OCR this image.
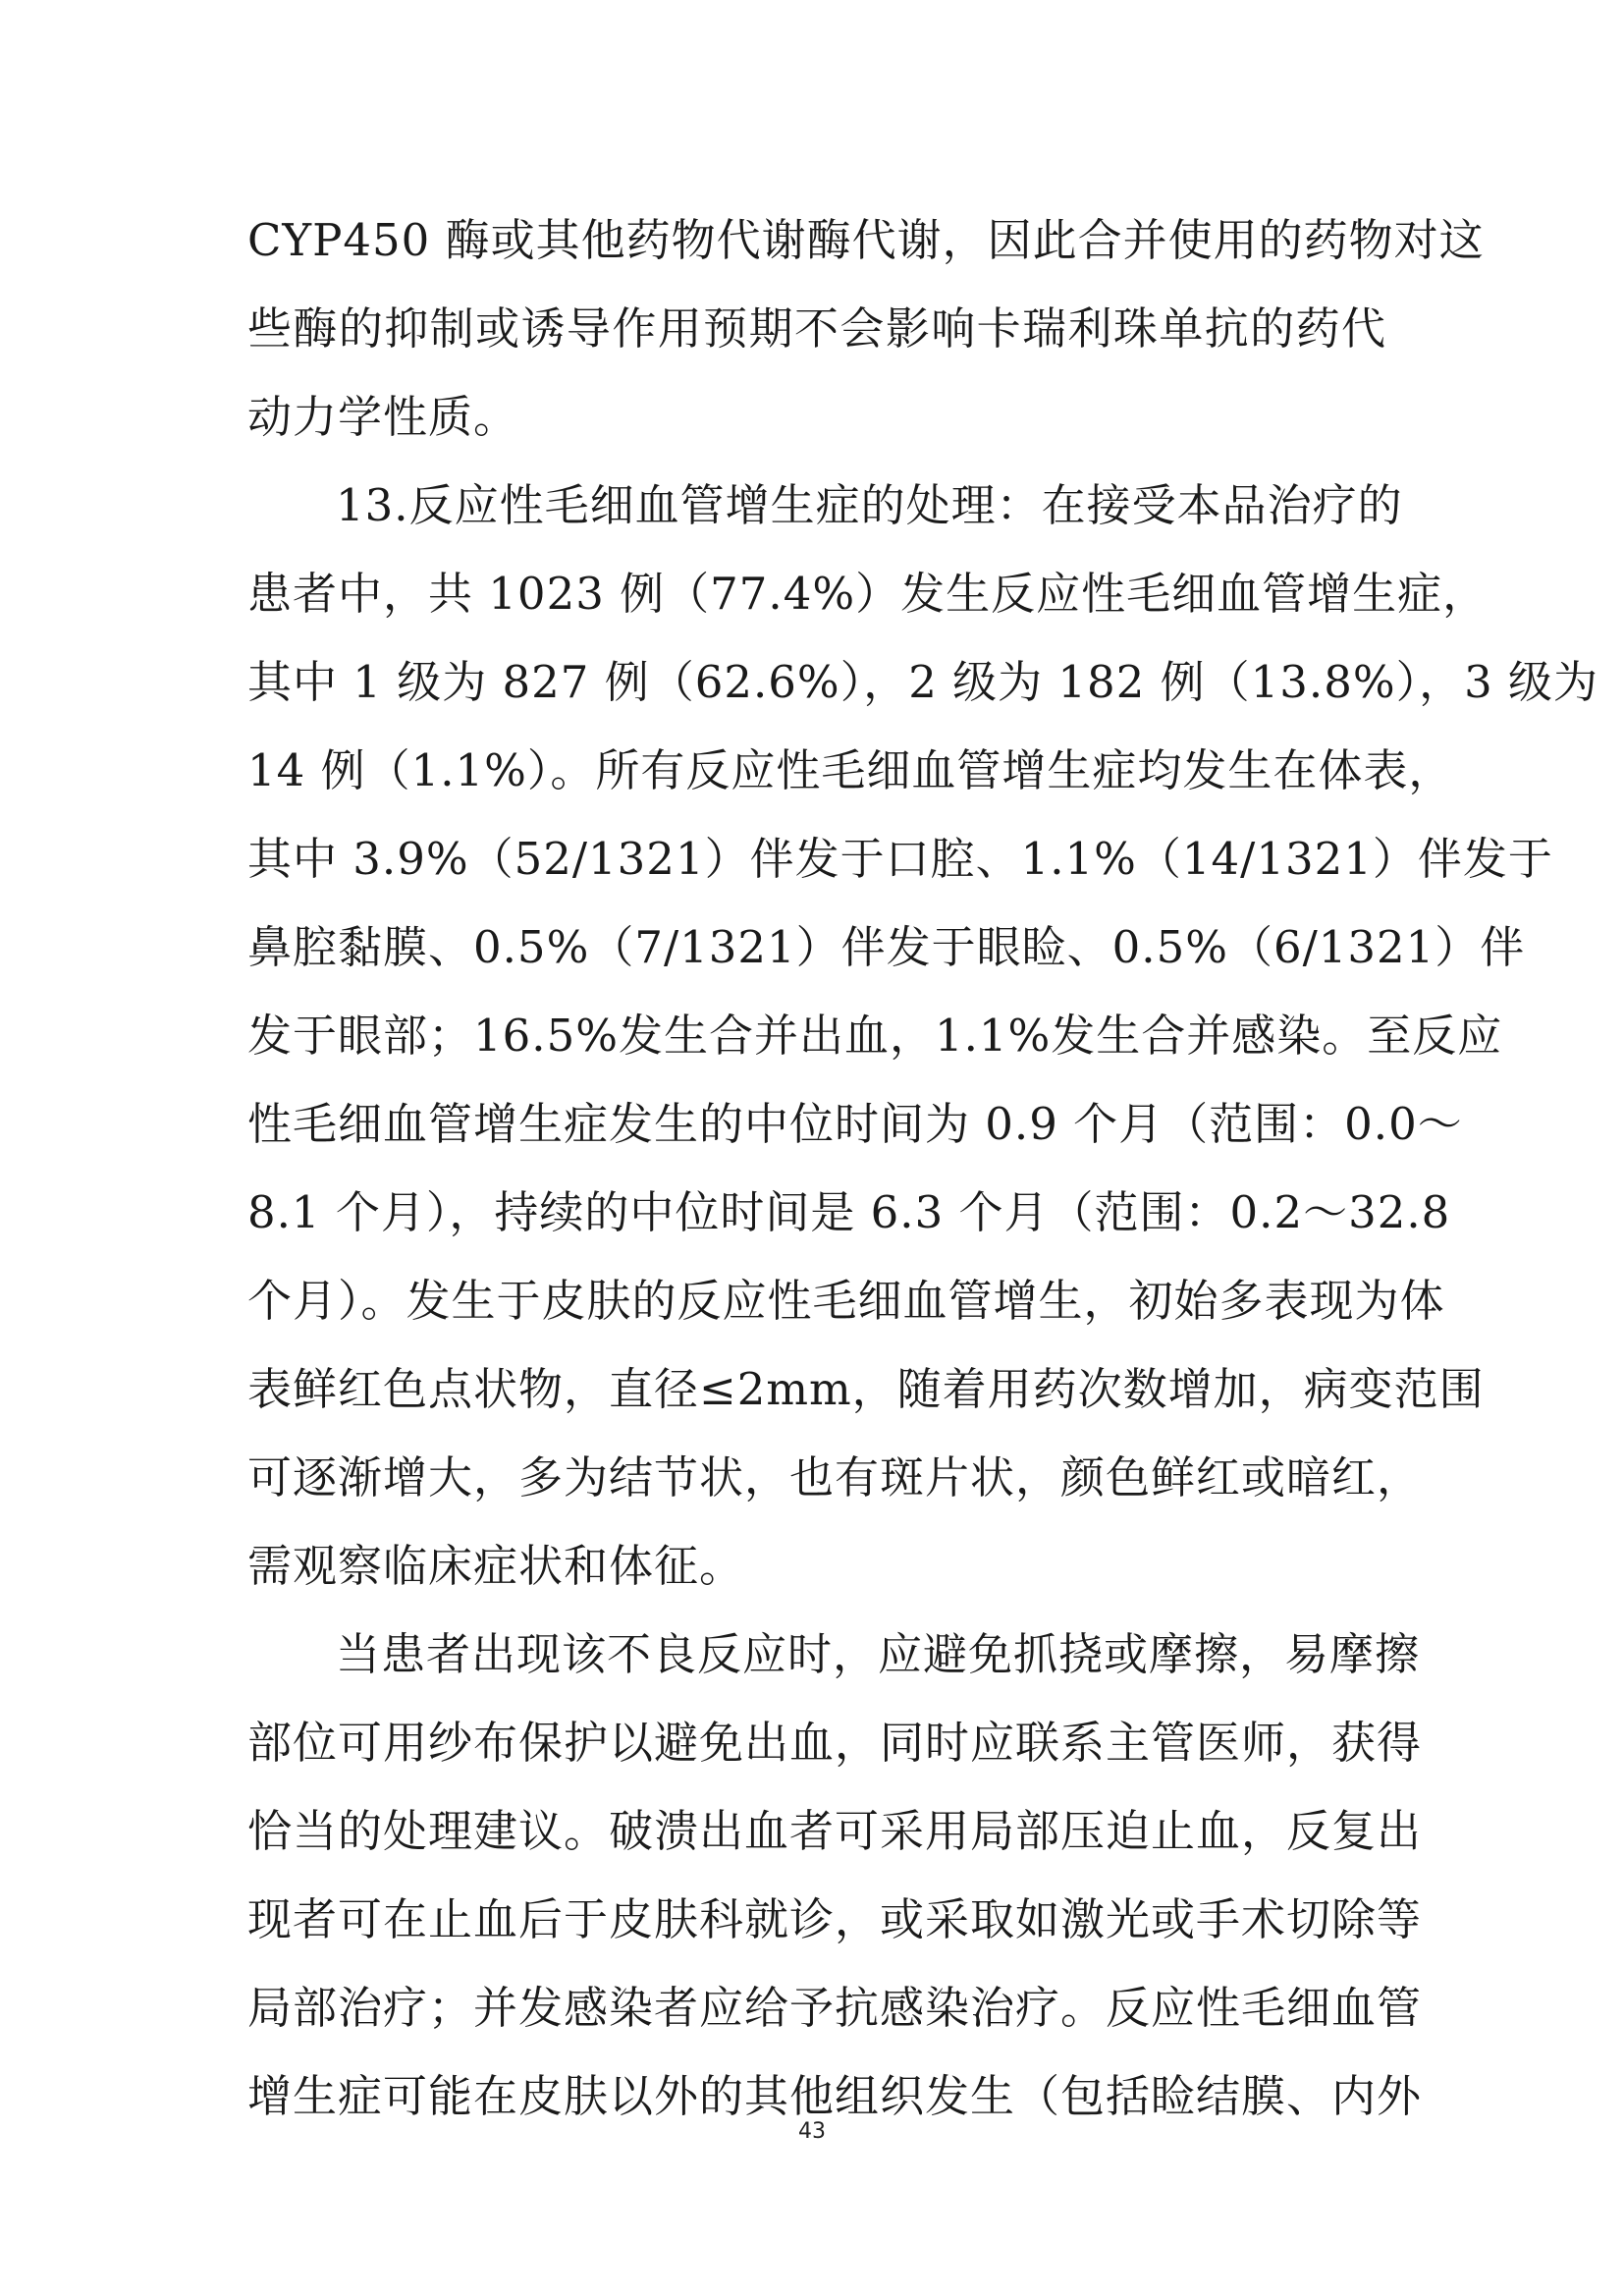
CYP450 酶或其他药物代谢酶代谢，因此合并使用的药物对这
些酶的抑制或诱导作用预期不会影响卡瑞利珠单抗的药代
动力学性质。
13.反应性毛细血管增生症的处理：在接受本品治疗的
患者中，共 1023 例（77.4%）发生反应性毛细血管增生症，
其中 1 级为 827 例（62.6%），2 级为 182 例（13.8%），3 级为
14 例（1.1%）。所有反应性毛细血管增生症均发生在体表，
其中 3.9%（52/1321）伴发于口腔、1.1%（14/1321）伴发于
鼻腔黏膜、0.5%（7/1321）伴发于眼睑、0.5%（6/1321）伴
发于眼部；16.5%发生合并出血，1.1%发生合并感染。至反应
性毛细血管增生症发生的中位时间为 0.9 个月（范围：0.0～
8.1 个月），持续的中位时间是 6.3 个月（范围：0.2～32.8
个月）。发生于皮肤的反应性毛细血管增生，初始多表现为体
表鲜红色点状物，直径≤2mm，随着用药次数增加，病变范围
可逐渐增大，多为结节状，也有斑片状，颜色鲜红或暗红，
需观察临床症状和体征。
当患者出现该不良反应时，应避免抓挠或摩擦，易摩擦
部位可用纱布保护以避免出血，同时应联系主管医师，获得
恰当的处理建议。破溃出血者可采用局部压迫止血，反复出
现者可在止血后于皮肤科就诊，或采取如激光或手术切除等
局部治疗；并发感染者应给予抗感染治疗。反应性毛细血管
增生症可能在皮肤以外的其他组织发生（包括睑结膜、内外
43
